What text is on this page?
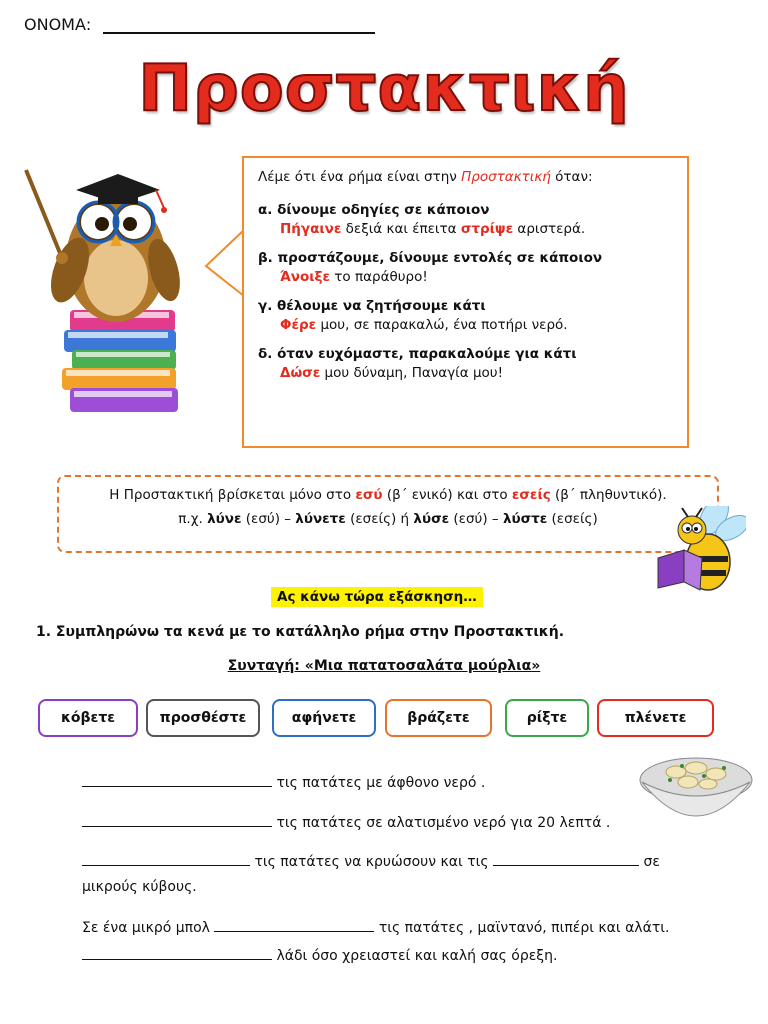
ΟΝΟΜΑ:
Προστακτική

Λέμε ότι ένα ρήμα είναι στην Προστακτική όταν:

α. δίνουμε οδηγίες σε κάποιον
Πήγαινε δεξιά και έπειτα στρίψε αριστερά.
β. προστάζουμε, δίνουμε εντολές σε κάποιον
Άνοιξε το παράθυρο!
γ. θέλουμε να ζητήσουμε κάτι
Φέρε μου, σε παρακαλώ, ένα ποτήρι νερό.
δ. όταν ευχόμαστε, παρακαλούμε για κάτι
Δώσε μου δύναμη, Παναγία μου!
Η Προστακτική βρίσκεται μόνο στο εσύ (β΄ ενικό) και στο εσείς (β΄ πληθυντικό).
π.χ. λύνε (εσύ) – λύνετε (εσείς) ή λύσε (εσύ) – λύστε (εσείς)
Ας κάνω τώρα εξάσκηση…
1. Συμπληρώνω τα κενά με το κατάλληλο ρήμα στην Προστακτική.
Συνταγή: «Μια πατατοσαλάτα μούρλια»
κόβετε	προσθέστε	αφήνετε	βράζετε	ρίξτε	πλένετε
τις πατάτες με άφθονο νερό .
τις πατάτες σε αλατισμένο νερό για 20 λεπτά .
τις πατάτες να κρυώσουν και τις	σε
μικρούς κύβους.
Σε ένα μικρό μπολ	τις πατάτες , μαϊντανό, πιπέρι και αλάτι.
λάδι όσο χρειαστεί και καλή σας όρεξη.
